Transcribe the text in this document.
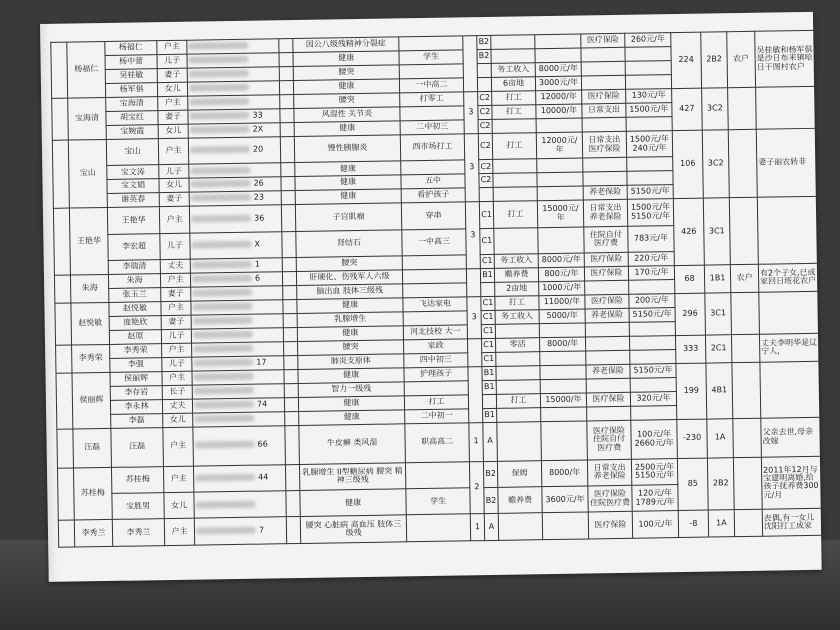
	杨福仁	杨福仁	户主			因公八级残精神分裂症			B2			医疗保险	260元/年	224	2B2	农户	吴桂敏和杨军俱是沙日布来镇哈日干图村农户	
		杨中蕾	儿子			健康	学生		B2									
		吴桂敏	妻子			腰突				务工收入	8000元/年							
		杨军俱	女儿			健康	一中高二			6亩地	3000元/年							
	宝海清	宝海清	户主			腰突	打零工	3	C2	打工	12000/年	医疗保险	130元/年	427	3C2			
		胡宝红	妻子	33		风湿性 关节炎			C2	打工	10000/年	日常支出	1500元/年					
		宝婉霞	女儿	2X		健康	二中初三		C2									
	宝山	宝山	户主	20		慢性胰腺炎	西市场打工	3	C2	打工	12000元/年	日常支出 医疗保险	1500元/年 240元/年	106	3C2		妻子丽农转非	
		宝文涛	儿子			健康			C2									
		宝文娟	女儿	26		健康	五中		C2									
		谢英春	妻子	23		健康	看护孩子					养老保险	5150元/年					
	王艳华	王艳华	户主	36		子宫肌瘤	穿串	3	C1	打工	15000元/年	日常支出 养老保险	1500元/年 5150元/年	426	3C1			
		李宏超	儿子	X		肾结石	一中高三		C1			住院自付 医疗费	783元/年					
		李瑞清	丈夫	1		腰突			C1	务工收入	8000元/年	医疗保险	220元/年					
	朱海	朱海	户主	6		肝硬化、伤残军人六级			B1	赡养费	800元/年	医疗保险	170元/年	68	1B1	农户	有2个子女,已成家回日班花农户	
		张玉兰	妻子			脑出血 肢体三级残				2亩地	1000元/年							
	赵悦敏	赵悦敏	户主			健康	飞达家电	3	C1	打工	11000/年	医疗保险	200元/年	296	3C1			
		庞艳欣	妻子			乳腺增生			C1	务工收入	5000/年	养老保险	5150元/年					
		赵原	儿子			健康	河北技校 大一		C1									
	李秀荣	李秀荣	户主			腰突	家政		C1	零活	8000/年			333	2C1		丈夫李明华是辽宁人,	
		李强	儿子	17		肺炎支原体	四中初三		C1									
	侯丽辉	侯丽辉	户主			健康	护理孩子		B1			养老保险	5150元/年	199	4B1			
		李存岩	长子			智力一级残			B1									
		李永林	丈夫	74		健康	打工			打工	15000/年	医疗保险	320元/年					
		李磊	女儿			健康	二中初一		B1									
	汪磊	汪磊	户主	66		牛皮癣 类风湿	职高高二	1	A			医疗保险 住院自付 医疗费	100元/年 2660元/年	-230	1A		父亲去世,母亲改嫁	
	苏桂梅	苏桂梅	户主	44		乳腺增生 II型糖尿病 腰突 精神三级残		2	B2	保姆	8000/年	日常支出 养老保险	2500元/年 5150元/年	85	2B2		2011年12月与宝建明离婚,给孩子抚养费300元/月	
		宝胜男	女儿			健康	学生		B2	赡养费	3600元/年	医疗保险 住院医疗费	120元/年 1789元/年					
	李秀兰	李秀兰	户主	7		腰突 心脏病 高血压 肢体三级残		1	A			医疗保险	100元/年	-8	1A		丧偶,有一女儿沈阳打工成家	
